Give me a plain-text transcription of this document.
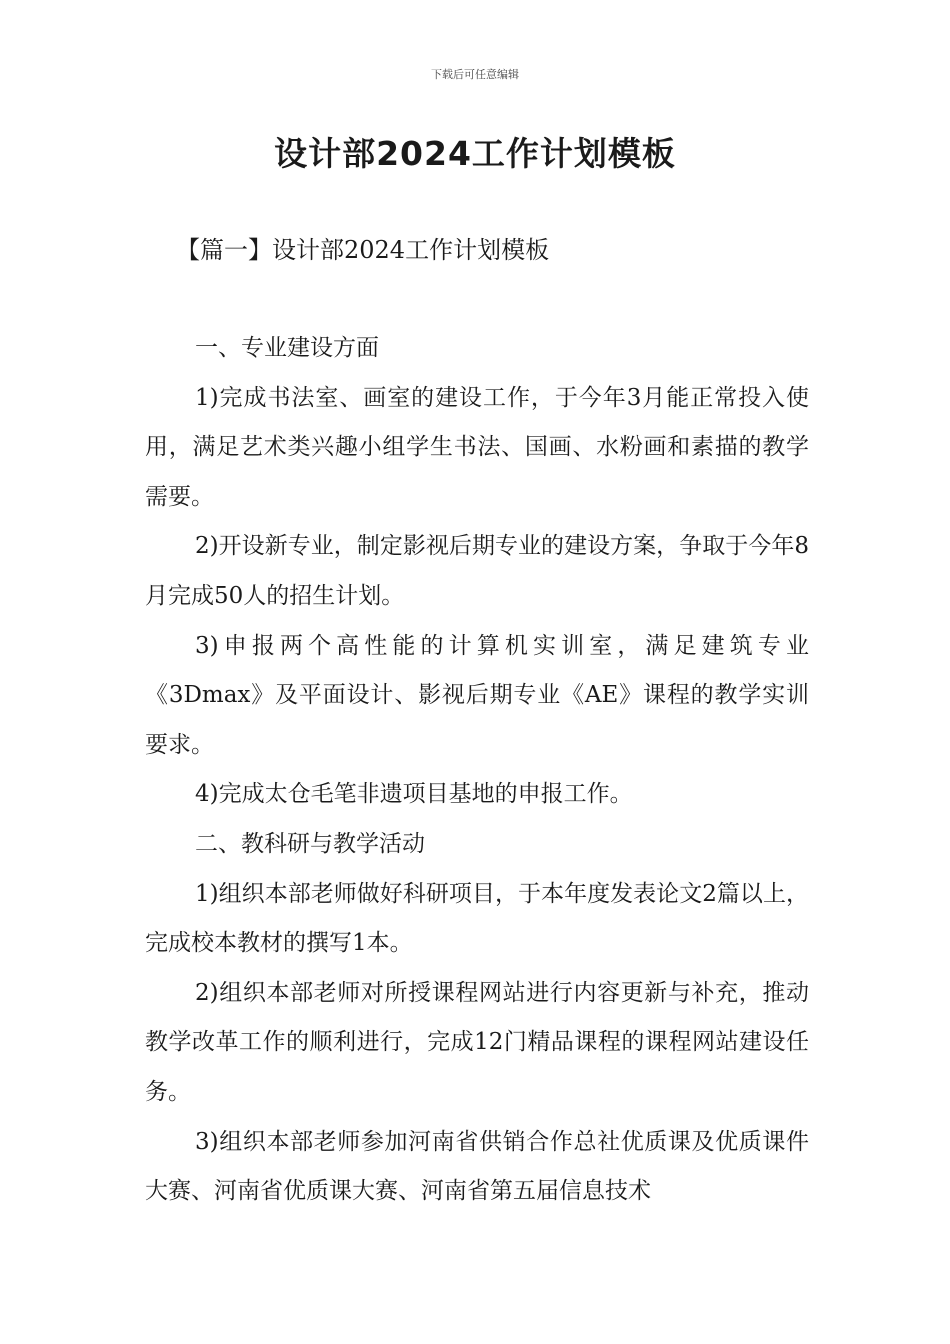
下载后可任意编辑
设计部2024工作计划模板
【篇一】设计部2024工作计划模板

一、专业建设方面

1)完成书法室、画室的建设工作，于今年3月能正常投入使用，满足艺术类兴趣小组学生书法、国画、水粉画和素描的教学需要。

2)开设新专业，制定影视后期专业的建设方案，争取于今年8月完成50人的招生计划。

3)申报两个高性能的计算机实训室，满足建筑专业《3Dmax》及平面设计、影视后期专业《AE》课程的教学实训要求。

4)完成太仓毛笔非遗项目基地的申报工作。

二、教科研与教学活动

1)组织本部老师做好科研项目，于本年度发表论文2篇以上，完成校本教材的撰写1本。

2)组织本部老师对所授课程网站进行内容更新与补充，推动教学改革工作的顺利进行，完成12门精品课程的课程网站建设任务。

3)组织本部老师参加河南省供销合作总社优质课及优质课件大赛、河南省优质课大赛、河南省第五届信息技术
